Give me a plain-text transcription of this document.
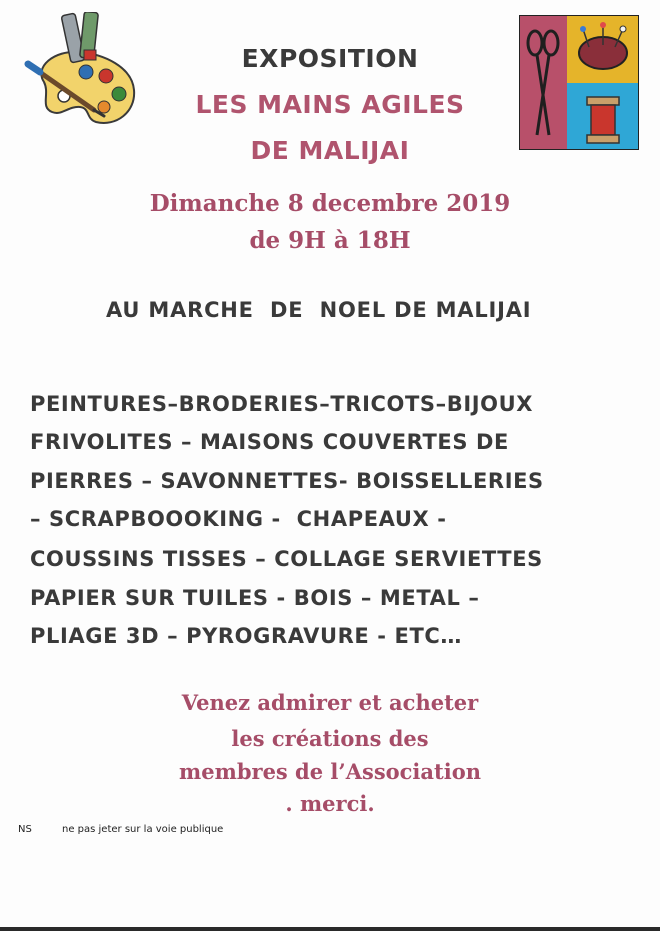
EXPOSITION
LES MAINS AGILES
DE MALIJAI
Dimanche 8 decembre 2019
de 9H à 18H
AU MARCHE  DE  NOEL DE MALIJAI
PEINTURES–BRODERIES–TRICOTS–BIJOUX
FRIVOLITES – MAISONS COUVERTES DE
PIERRES – SAVONNETTES- BOISSELLERIES
– SCRAPBOOOKING -  CHAPEAUX -
COUSSINS TISSES – COLLAGE SERVIETTES
PAPIER SUR TUILES - BOIS – METAL –
PLIAGE 3D – PYROGRAVURE - ETC…
Venez admirer et acheter
les créations des
membres de l’Association
. merci.
NS	ne pas jeter sur la voie publique
